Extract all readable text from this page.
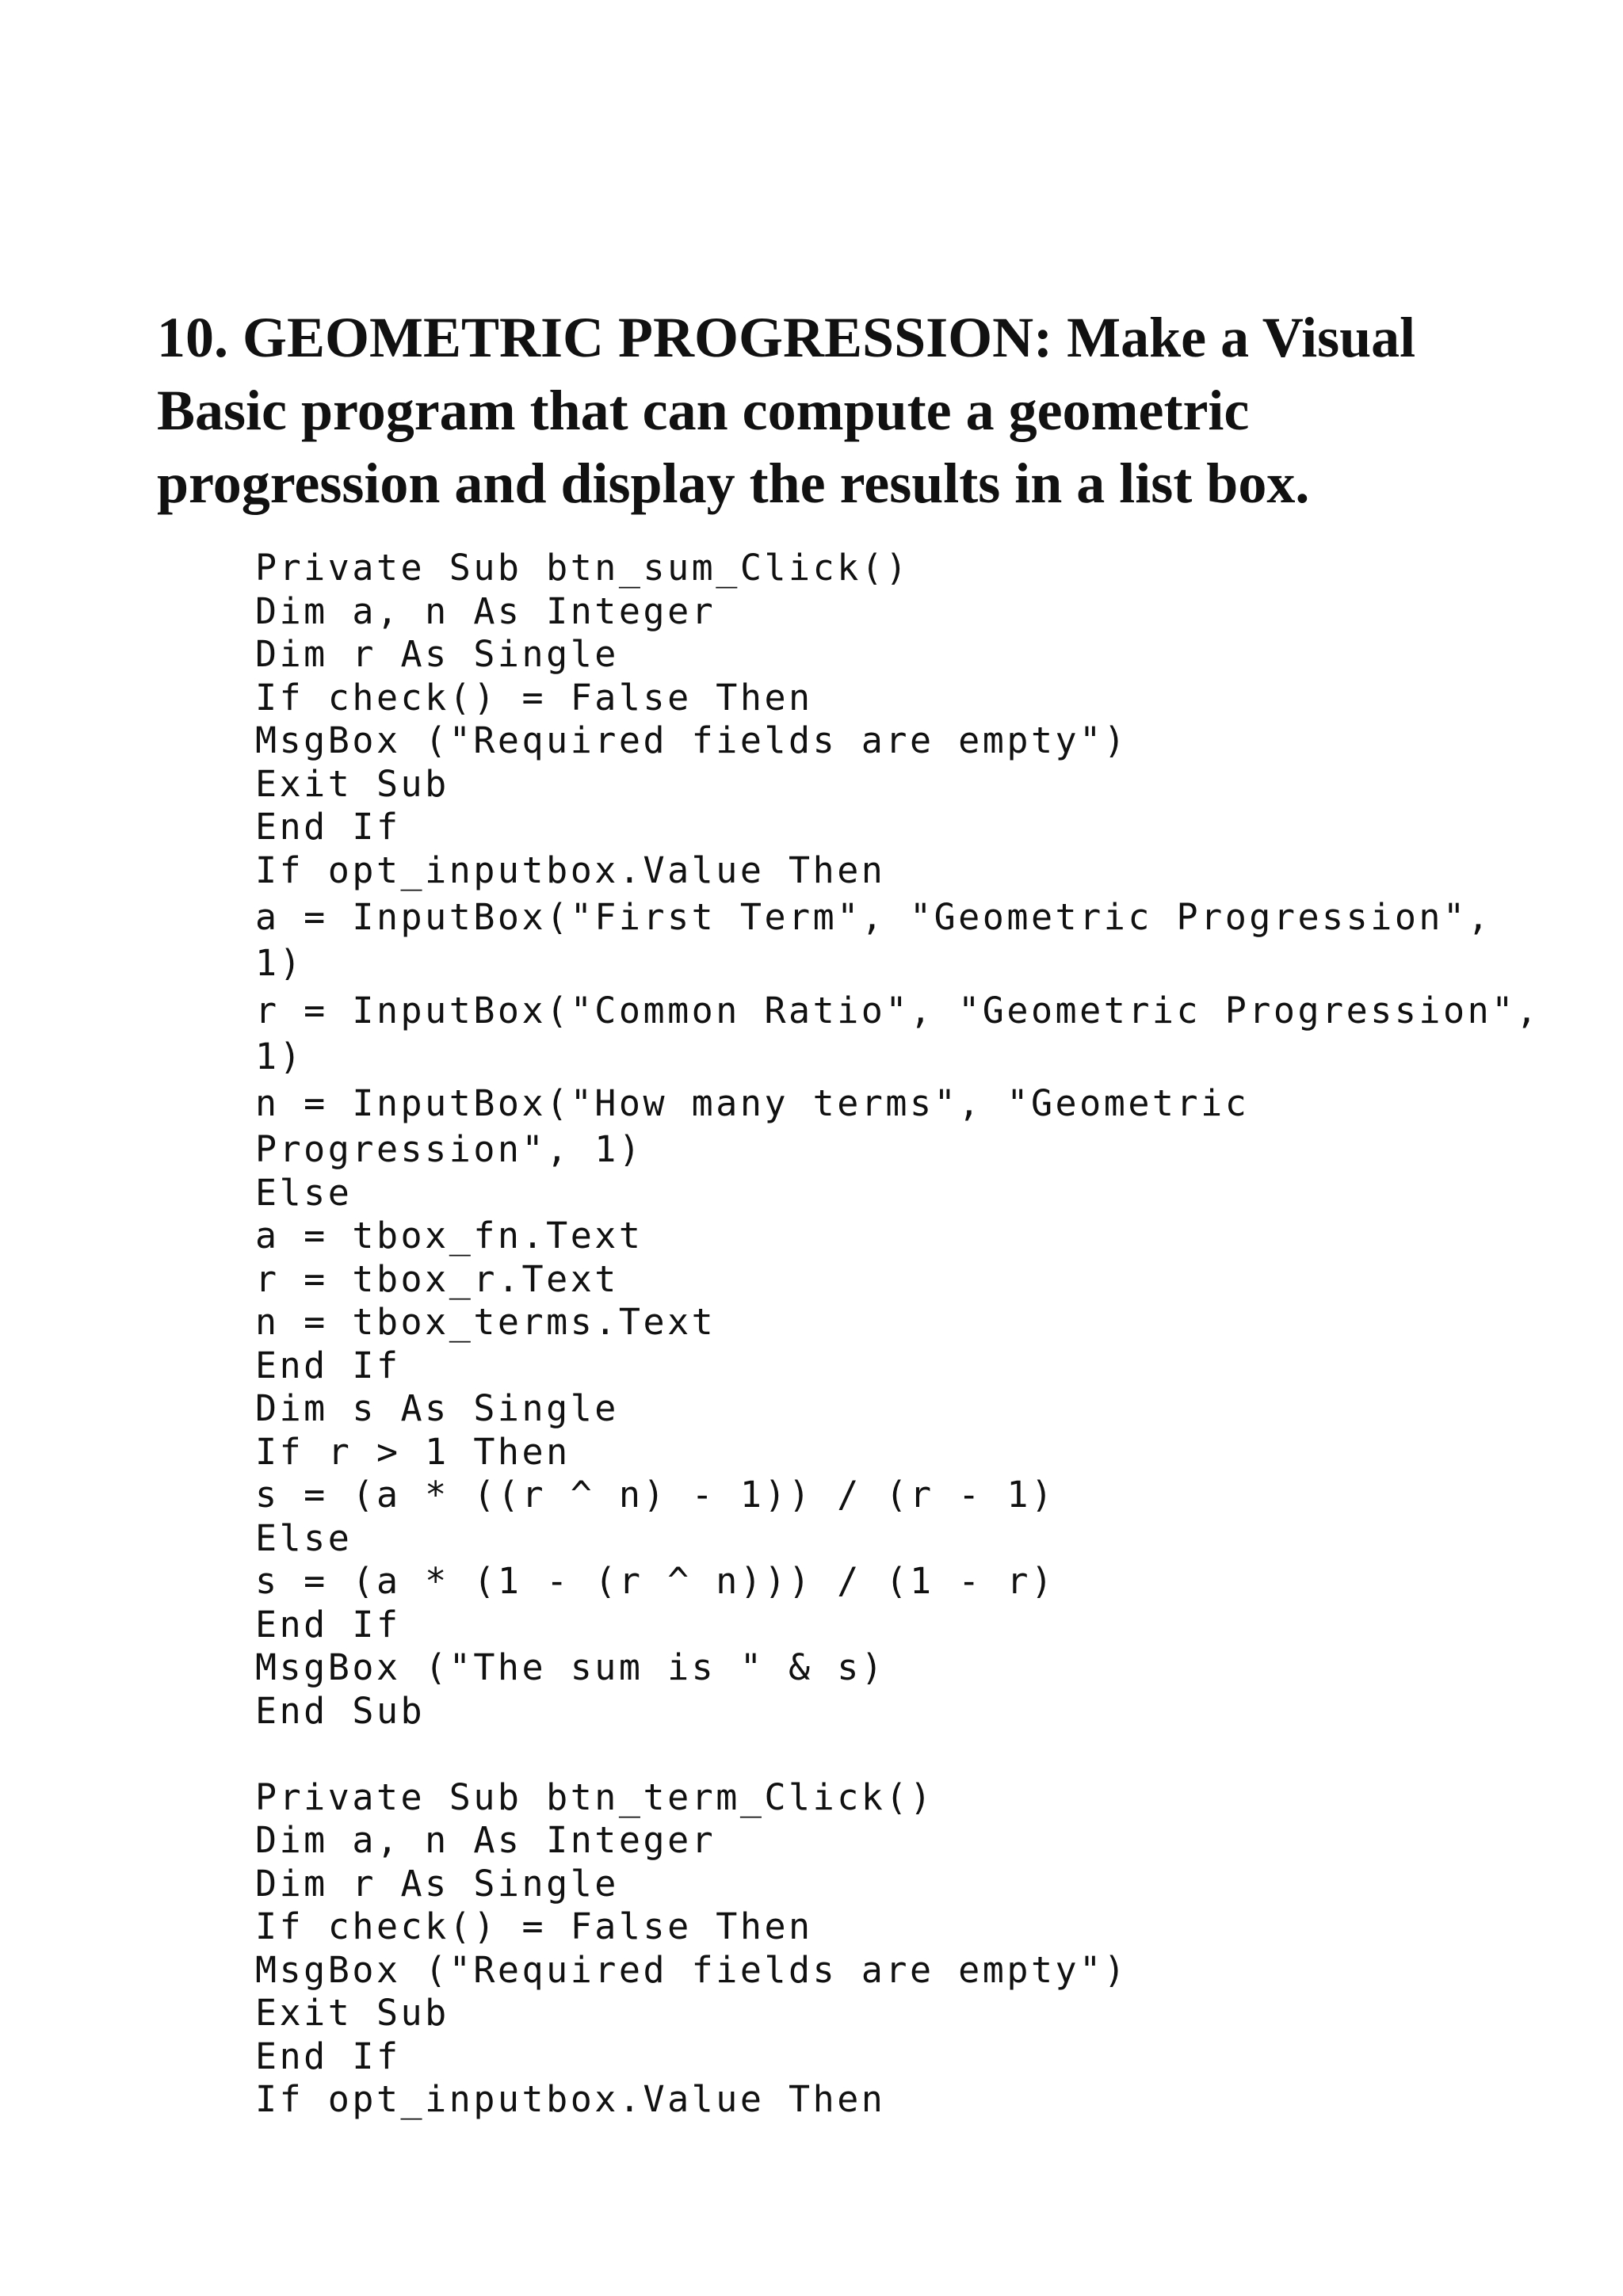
10. GEOMETRIC PROGRESSION: Make a Visual Basic program that can compute a geometric progression and display the results in a list box.
Private Sub btn_sum_Click()
Dim a, n As Integer
Dim r As Single
If check() = False Then
MsgBox ("Required fields are empty")
Exit Sub
End If
If opt_inputbox.Value Then
a = InputBox("First Term", "Geometric Progression",
1)
r = InputBox("Common Ratio", "Geometric Progression",
1)
n = InputBox("How many terms", "Geometric
Progression", 1)
Else
a = tbox_fn.Text
r = tbox_r.Text
n = tbox_terms.Text
End If
Dim s As Single
If r > 1 Then
s = (a * ((r ^ n) - 1)) / (r - 1)
Else
s = (a * (1 - (r ^ n))) / (1 - r)
End If
MsgBox ("The sum is " & s)
End Sub
Private Sub btn_term_Click()
Dim a, n As Integer
Dim r As Single
If check() = False Then
MsgBox ("Required fields are empty")
Exit Sub
End If
If opt_inputbox.Value Then
